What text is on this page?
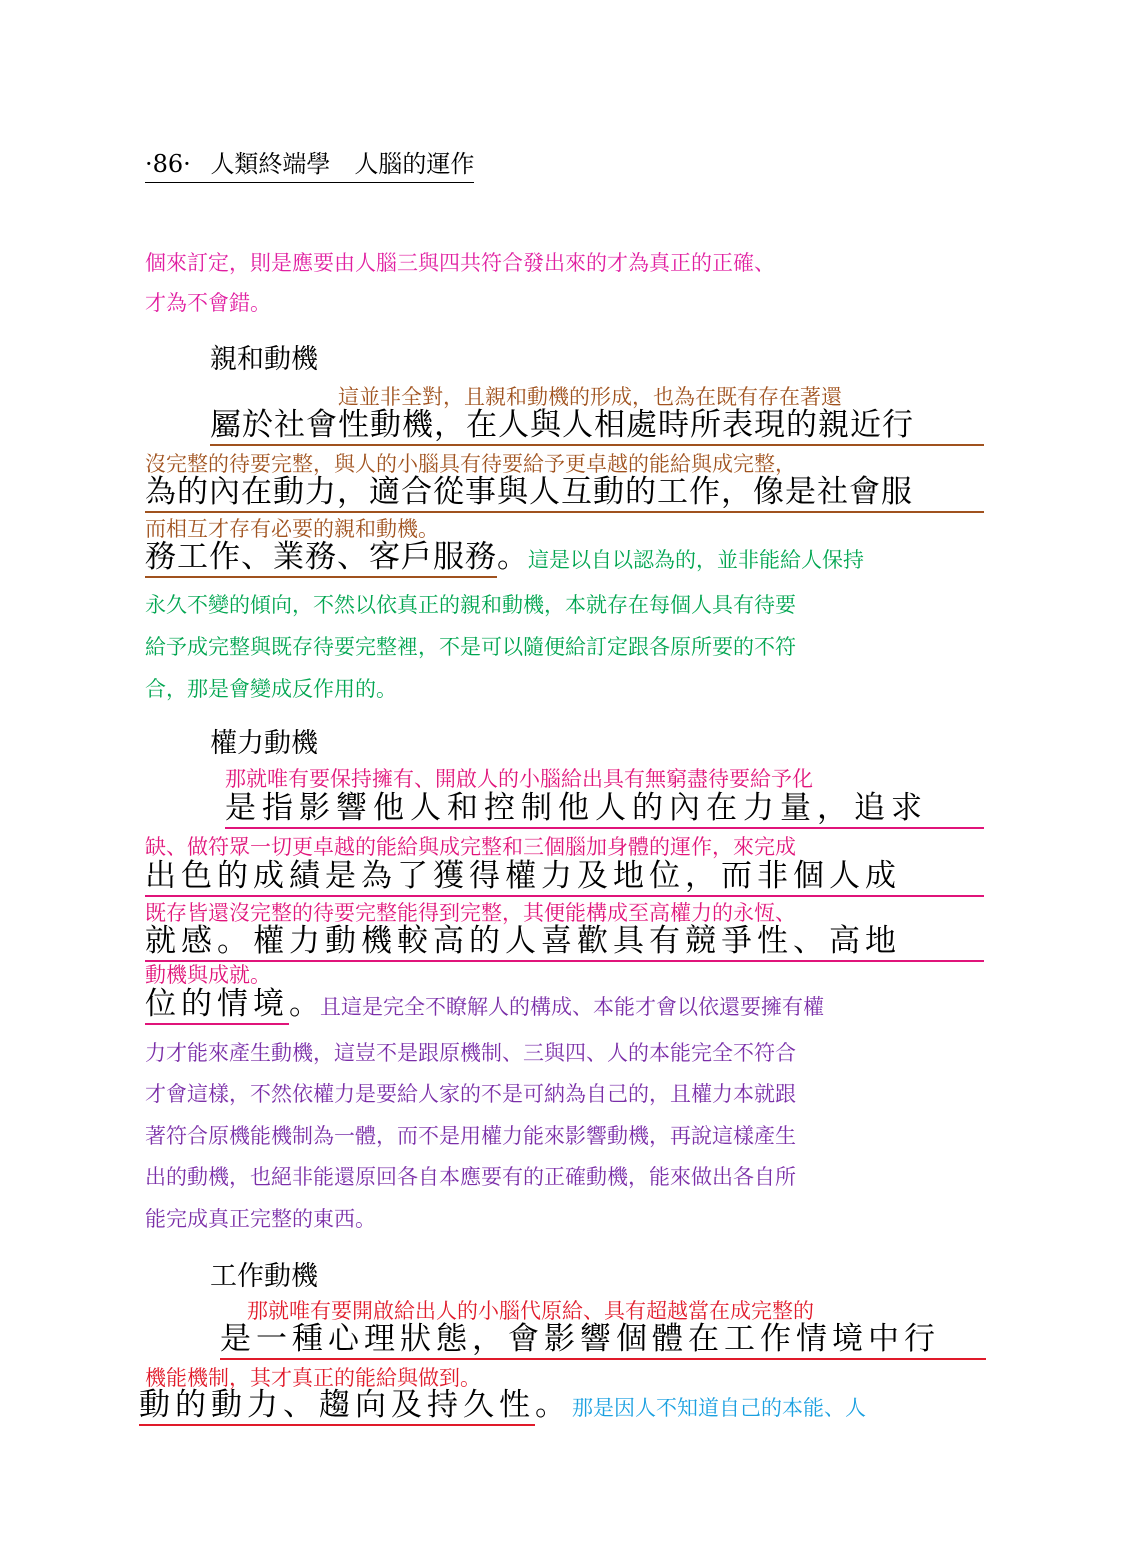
·86· 人類終端學　人腦的運作
個來訂定，則是應要由人腦三與四共符合發出來的才為真正的正確、
才為不會錯。
親和動機
這並非全對，且親和動機的形成，也為在既有存在著還
屬於社會性動機，在人與人相處時所表現的親近行
沒完整的待要完整，與人的小腦具有待要給予更卓越的能給與成完整，
為的內在動力，適合從事與人互動的工作，像是社會服
而相互才存有必要的親和動機。
務工作、業務、客戶服務。這是以自以認為的，並非能給人保持
永久不變的傾向，不然以依真正的親和動機，本就存在每個人具有待要
給予成完整與既存待要完整裡，不是可以隨便給訂定跟各原所要的不符
合，那是會變成反作用的。
權力動機
那就唯有要保持擁有、開啟人的小腦給出具有無窮盡待要給予化
是指影響他人和控制他人的內在力量，追求
缺、做符眾一切更卓越的能給與成完整和三個腦加身體的運作，來完成
出色的成績是為了獲得權力及地位，而非個人成
既存皆還沒完整的待要完整能得到完整，其便能構成至高權力的永恆、
就感。權力動機較高的人喜歡具有競爭性、高地
動機與成就。
位的情境。且這是完全不瞭解人的構成、本能才會以依還要擁有權
力才能來產生動機，這豈不是跟原機制、三與四、人的本能完全不符合
才會這樣，不然依權力是要給人家的不是可納為自己的，且權力本就跟
著符合原機能機制為一體，而不是用權力能來影響動機，再說這樣產生
出的動機，也絕非能還原回各自本應要有的正確動機，能來做出各自所
能完成真正完整的東西。
工作動機
那就唯有要開啟給出人的小腦代原給、具有超越當在成完整的
是一種心理狀態，會影響個體在工作情境中行
機能機制，其才真正的能給與做到。
動的動力、趨向及持久性。 那是因人不知道自己的本能、人
